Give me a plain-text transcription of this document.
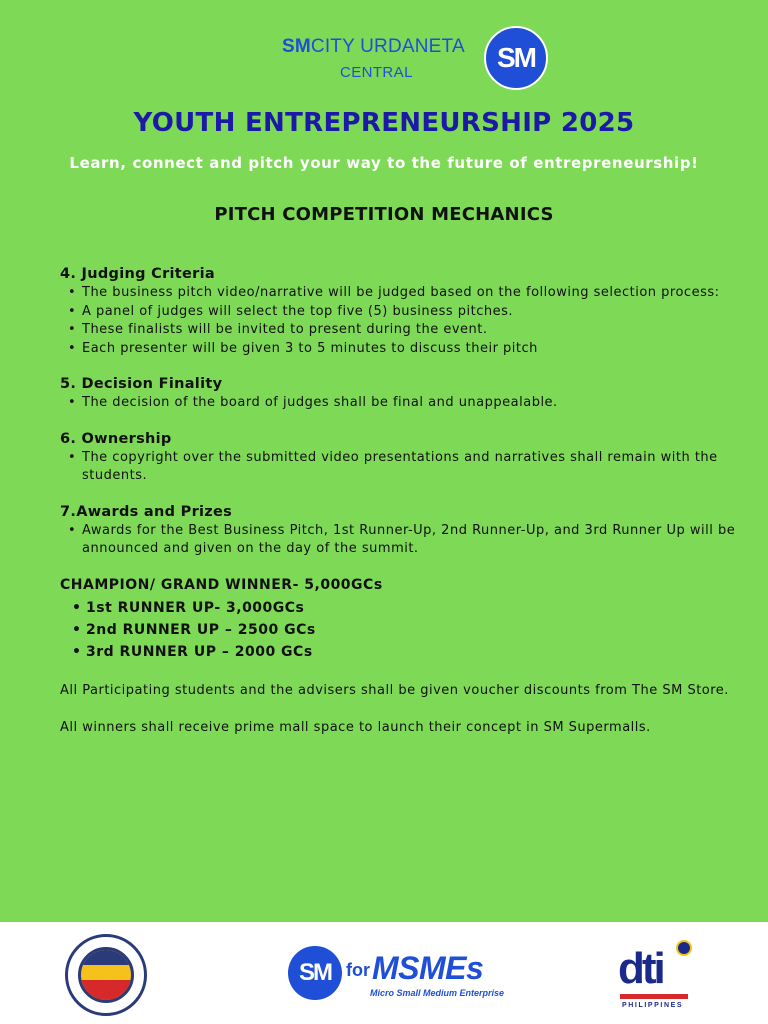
SMCITY URDANETA
CENTRAL	SM
YOUTH ENTREPRENEURSHIP 2025
Learn, connect and pitch your way to the future of entrepreneurship!
PITCH COMPETITION MECHANICS
4. Judging Criteria
• The business pitch video/narrative will be judged based on the following selection process:
• A panel of judges will select the top five (5) business pitches.
• These finalists will be invited to present during the event.
• Each presenter will be given 3 to 5 minutes to discuss their pitch
5. Decision Finality
• The decision of the board of judges shall be final and unappealable.
6. Ownership
• The copyright over the submitted video presentations and narratives shall remain with the students.
7.Awards and Prizes
• Awards for the Best Business Pitch, 1st Runner-Up, 2nd Runner-Up, and 3rd Runner Up will be announced and given on the day of the summit.
CHAMPION/ GRAND WINNER- 5,000GCs
• 1st RUNNER UP- 3,000GCs
• 2nd RUNNER UP – 2500 GCs
• 3rd RUNNER UP – 2000 GCs
All Participating students and the advisers shall be given voucher discounts from The SM Store.
All winners shall receive prime mall space to launch their concept in SM Supermalls.
SM for MSMEs
Micro Small Medium Enterprise	dti
PHILIPPINES
